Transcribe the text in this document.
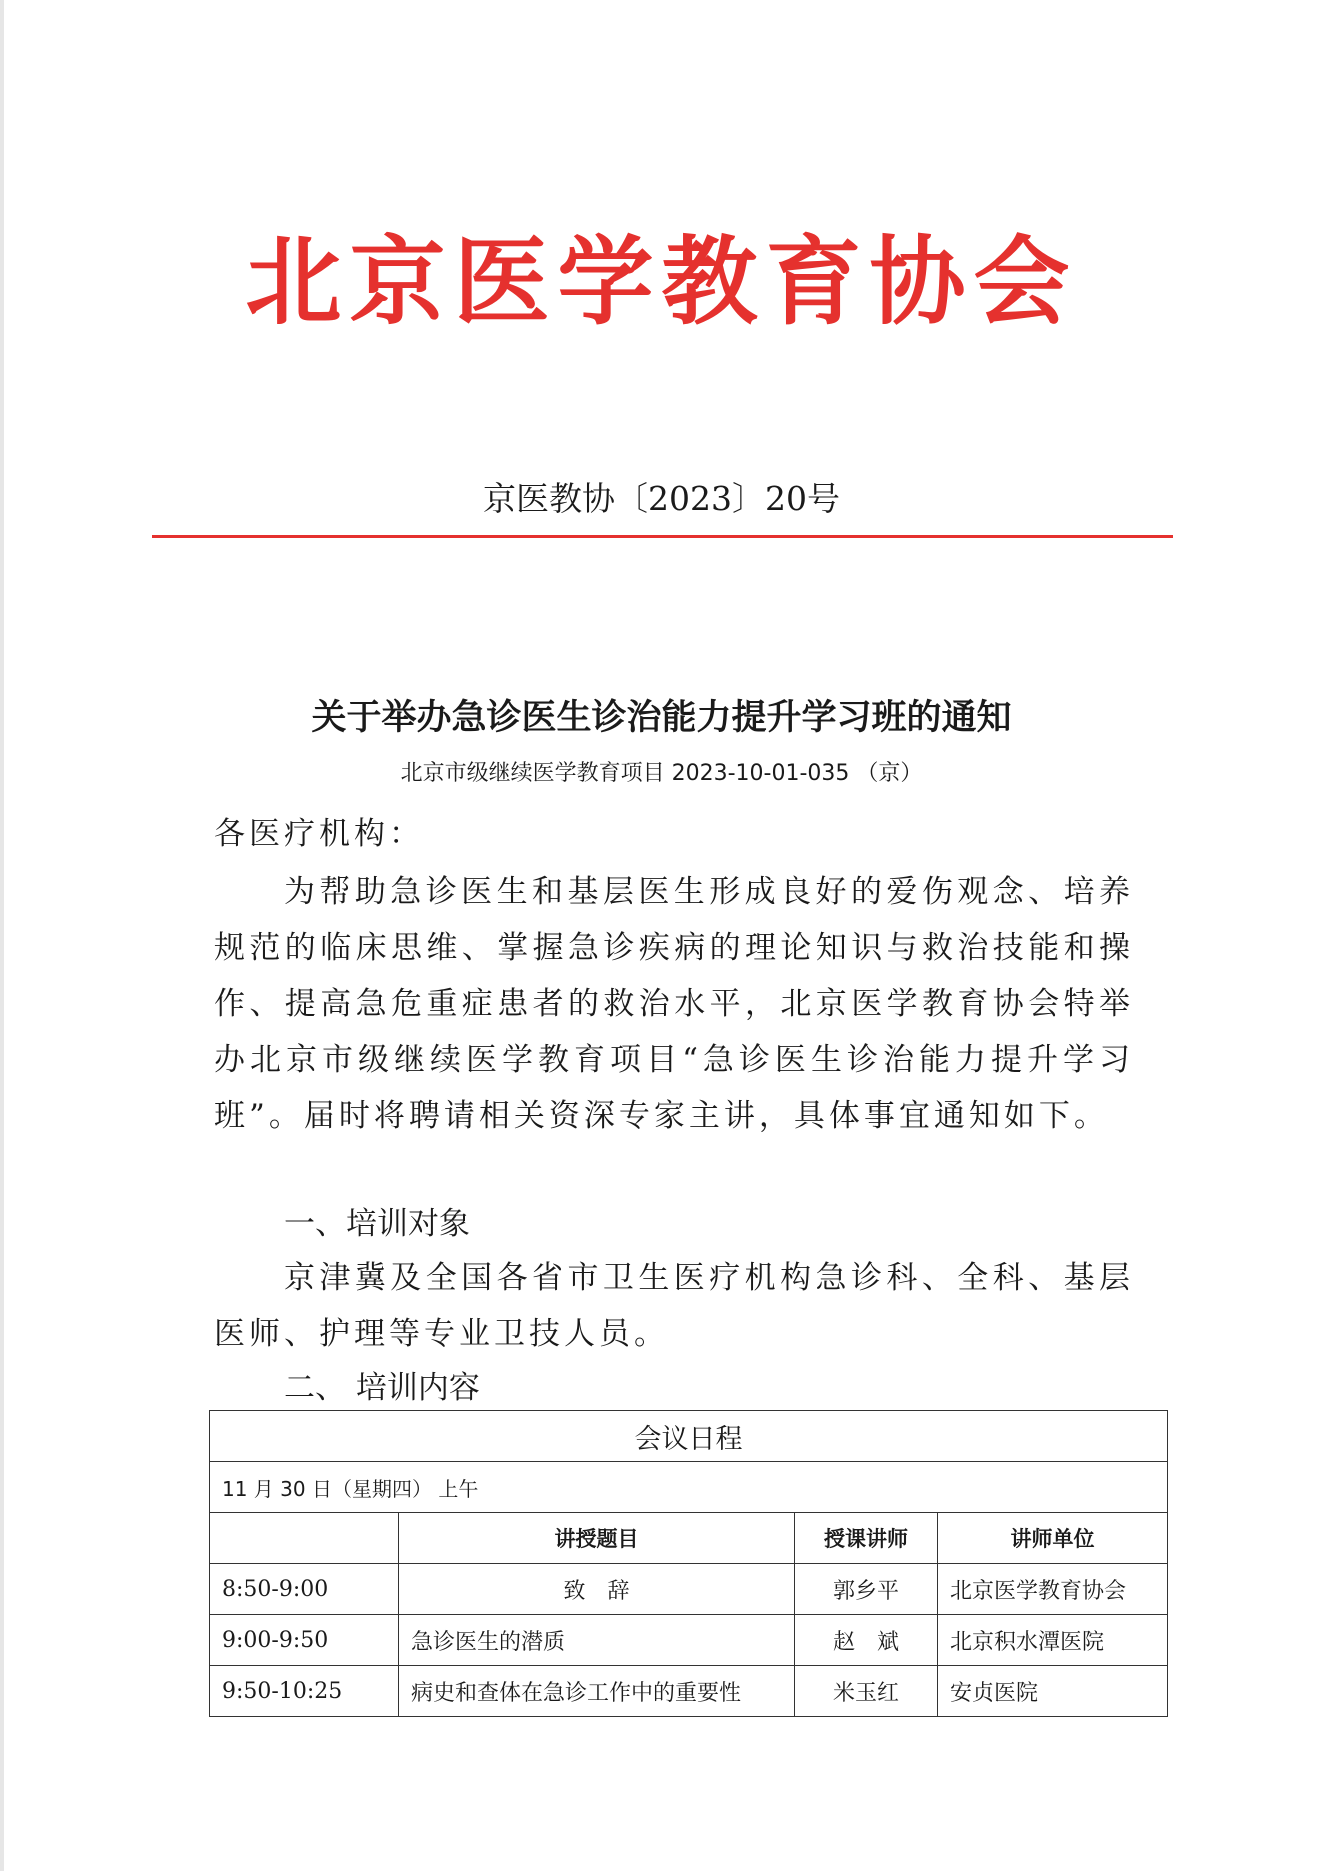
北京医学教育协会
京医教协〔2023〕20号
关于举办急诊医生诊治能力提升学习班的通知
北京市级继续医学教育项目 2023-10-01-035 （京）
各医疗机构：

为帮助急诊医生和基层医生形成良好的爱伤观念、培养规范的临床思维、掌握急诊疾病的理论知识与救治技能和操作、提高急危重症患者的救治水平，北京医学教育协会特举办北京市级继续医学教育项目“急诊医生诊治能力提升学习班”。届时将聘请相关资深专家主讲，具体事宜通知如下。

一、培训对象

京津冀及全国各省市卫生医疗机构急诊科、全科、基层医师、护理等专业卫技人员。

二、 培训内容
会议日程			
11 月 30 日（星期四） 上午			
	讲授题目	授课讲师	讲师单位
8:50-9:00	致　辞	郭乡平	北京医学教育协会
9:00-9:50	急诊医生的潜质	赵　斌	北京积水潭医院
9:50-10:25	病史和查体在急诊工作中的重要性	米玉红	安贞医院
